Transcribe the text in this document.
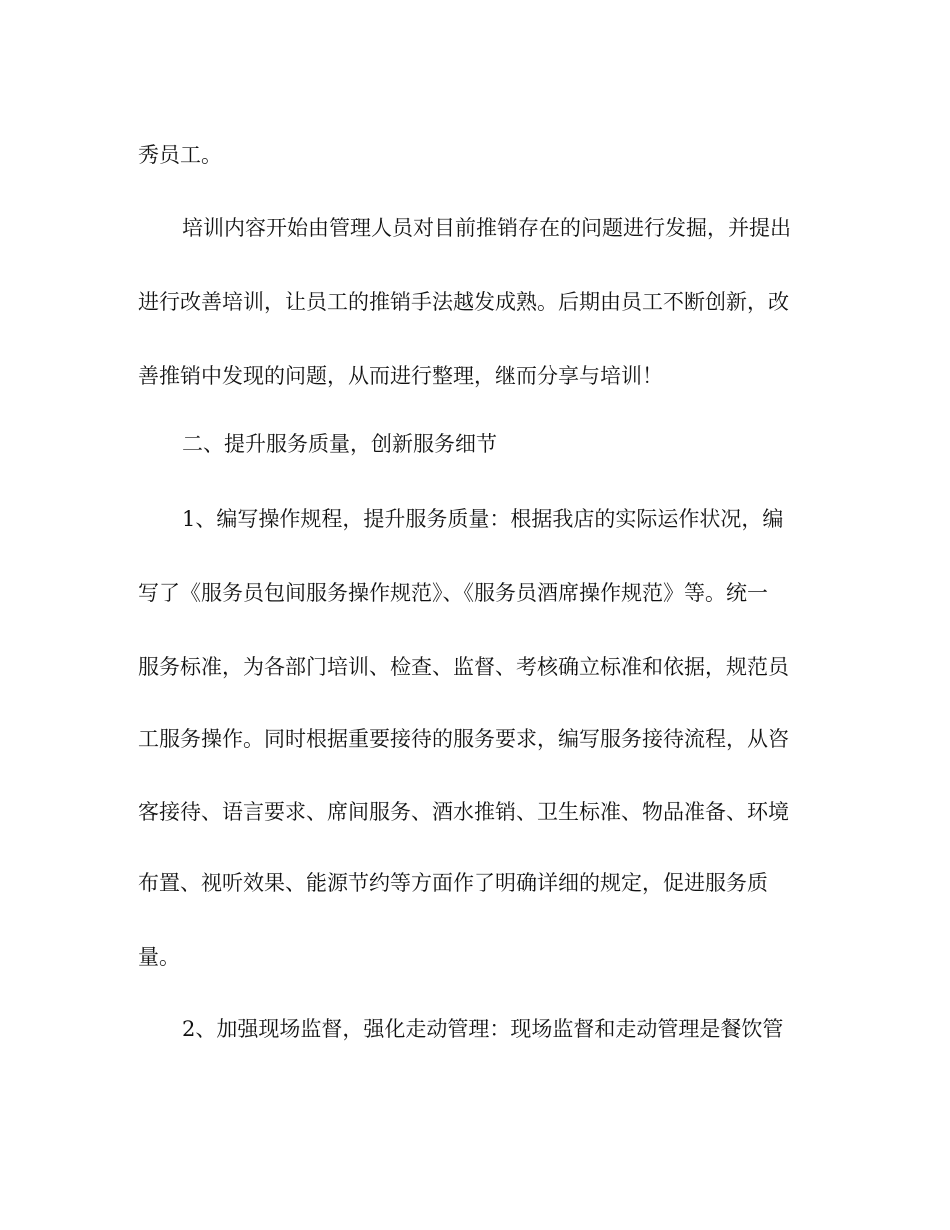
秀员工。
培训内容开始由管理人员对目前推销存在的问题进行发掘，并提出
进行改善培训，让员工的推销手法越发成熟。后期由员工不断创新，改
善推销中发现的问题，从而进行整理，继而分享与培训！
二、提升服务质量，创新服务细节
1、编写操作规程，提升服务质量：根据我店的实际运作状况，编
写了《服务员包间服务操作规范》、《服务员酒席操作规范》等。统一
服务标准，为各部门培训、检查、监督、考核确立标准和依据，规范员
工服务操作。同时根据重要接待的服务要求，编写服务接待流程，从咨
客接待、语言要求、席间服务、酒水推销、卫生标准、物品准备、环境
布置、视听效果、能源节约等方面作了明确详细的规定，促进服务质
量。
2、加强现场监督，强化走动管理：现场监督和走动管理是餐饮管
